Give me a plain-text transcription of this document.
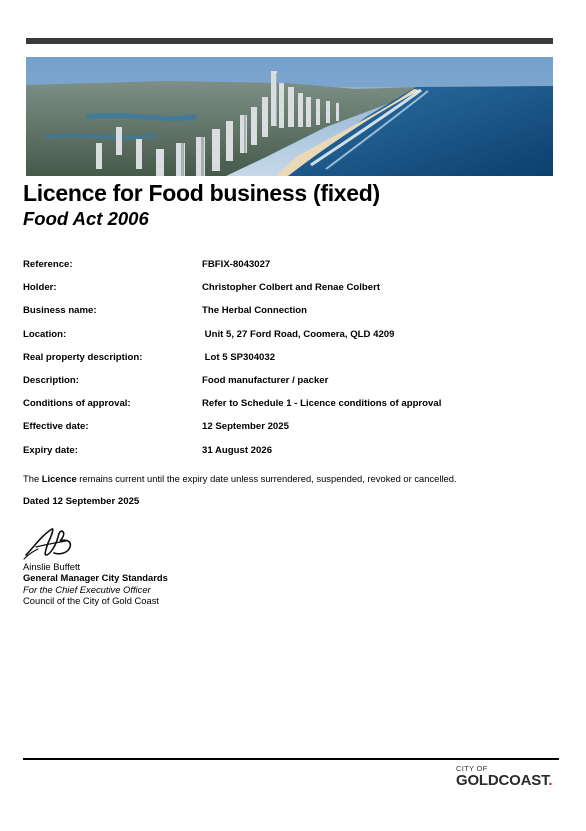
Licence for Food business (fixed)
Food Act 2006
Reference:	FBFIX-8043027
Holder:	Christopher Colbert and Renae Colbert
Business name:	The Herbal Connection
Location:	Unit 5, 27 Ford Road, Coomera, QLD 4209
Real property description:	Lot 5 SP304032
Description:	Food manufacturer / packer
Conditions of approval:	Refer to Schedule 1 - Licence conditions of approval
Effective date:	12 September 2025
Expiry date:	31 August 2026
The Licence remains current until the expiry date unless surrendered, suspended, revoked or cancelled.
Dated 12 September 2025
Ainslie Buffett
General Manager City Standards
For the Chief Executive Officer
Council of the City of Gold Coast
CITY OF
GOLDCOAST.
